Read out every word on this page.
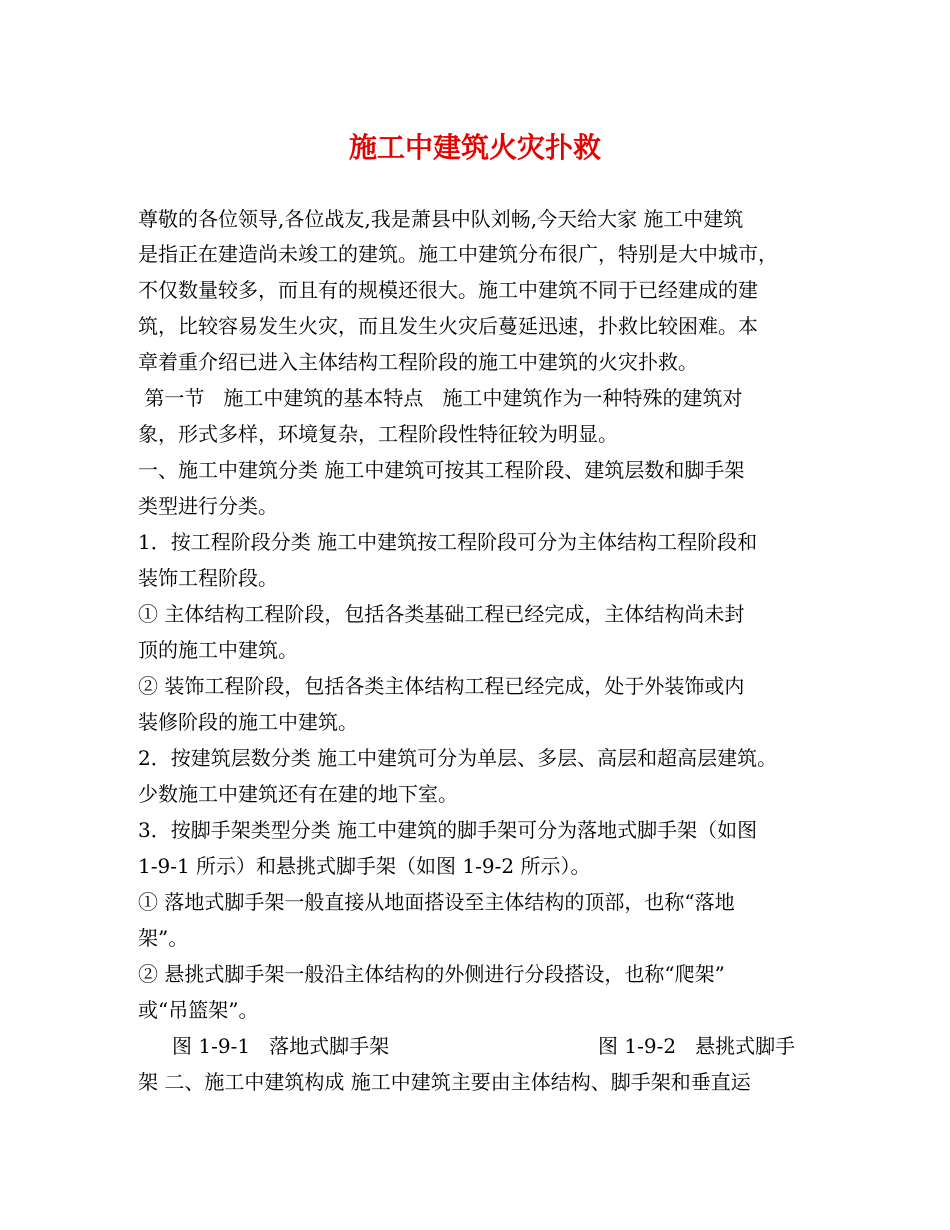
施工中建筑火灾扑救
尊敬的各位领导,各位战友,我是萧县中队刘畅,今天给大家 施工中建筑
是指正在建造尚未竣工的建筑。施工中建筑分布很广，特别是大中城市，
不仅数量较多，而且有的规模还很大。施工中建筑不同于已经建成的建
筑，比较容易发生火灾，而且发生火灾后蔓延迅速，扑救比较困难。本
章着重介绍已进入主体结构工程阶段的施工中建筑的火灾扑救。
第一节   施工中建筑的基本特点   施工中建筑作为一种特殊的建筑对
象，形式多样，环境复杂，工程阶段性特征较为明显。
一、施工中建筑分类 施工中建筑可按其工程阶段、建筑层数和脚手架
类型进行分类。
1．按工程阶段分类 施工中建筑按工程阶段可分为主体结构工程阶段和
装饰工程阶段。
① 主体结构工程阶段，包括各类基础工程已经完成，主体结构尚未封
顶的施工中建筑。
② 装饰工程阶段，包括各类主体结构工程已经完成，处于外装饰或内
装修阶段的施工中建筑。
2．按建筑层数分类 施工中建筑可分为单层、多层、高层和超高层建筑。
少数施工中建筑还有在建的地下室。
3．按脚手架类型分类 施工中建筑的脚手架可分为落地式脚手架（如图
1-9-1 所示）和悬挑式脚手架（如图 1-9-2 所示）。
① 落地式脚手架一般直接从地面搭设至主体结构的顶部，也称“落地
架”。
② 悬挑式脚手架一般沿主体结构的外侧进行分段搭设，也称“爬架”
或“吊篮架”。
图 1-9-1   落地式脚手架	图 1-9-2   悬挑式脚手
架 二、施工中建筑构成 施工中建筑主要由主体结构、脚手架和垂直运
